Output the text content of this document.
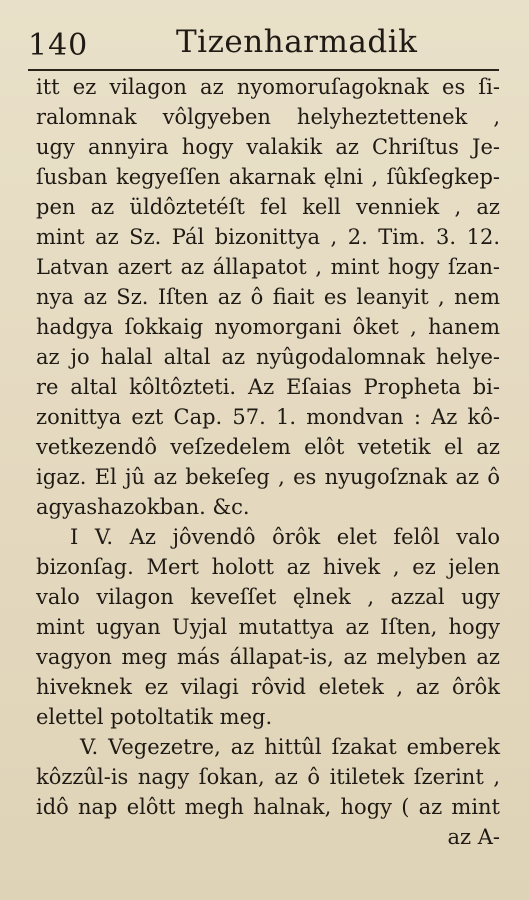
140	Tizenharmadik
itt ez vilagon az nyomoruſagoknak es ſi-
ralomnak vôlgyeben helyheztettenek ,
ugy annyira hogy valakik az Chriſtus Je-
ſusban kegyeſſen akarnak ęlni , ſûkſegkep-
pen az üldôztetéſt fel kell venniek , az
mint az Sz. Pál bizonittya , 2. Tim. 3. 12.
Latvan azert az állapatot , mint hogy ſzan-
nya az Sz. Iſten az ô fiait es leanyit , nem
hadgya ſokkaig nyomorgani ôket , hanem
az jo halal altal az nyûgodalomnak helye-
re altal kôltôzteti. Az Eſaias Propheta bi-
zonittya ezt Cap. 57. 1. mondvan : Az kô-
vetkezendô veſzedelem elôt vetetik el az
igaz. El jû az bekeſeg , es nyugoſznak az ô
agyashazokban. &c.
I V. Az jôvendô ôrôk elet felôl valo
bizonſag. Mert holott az hivek , ez jelen
valo vilagon keveſſet ęlnek , azzal ugy
mint ugyan Uyjal mutattya az Iſten, hogy
vagyon meg más állapat-is, az melyben az
hiveknek ez vilagi rôvid eletek , az ôrôk
elettel potoltatik meg.
V. Vegezetre, az hittûl ſzakat emberek
kôzzûl-is nagy ſokan, az ô itiletek ſzerint ,
idô nap elôtt megh halnak, hogy ( az mint
az A-
